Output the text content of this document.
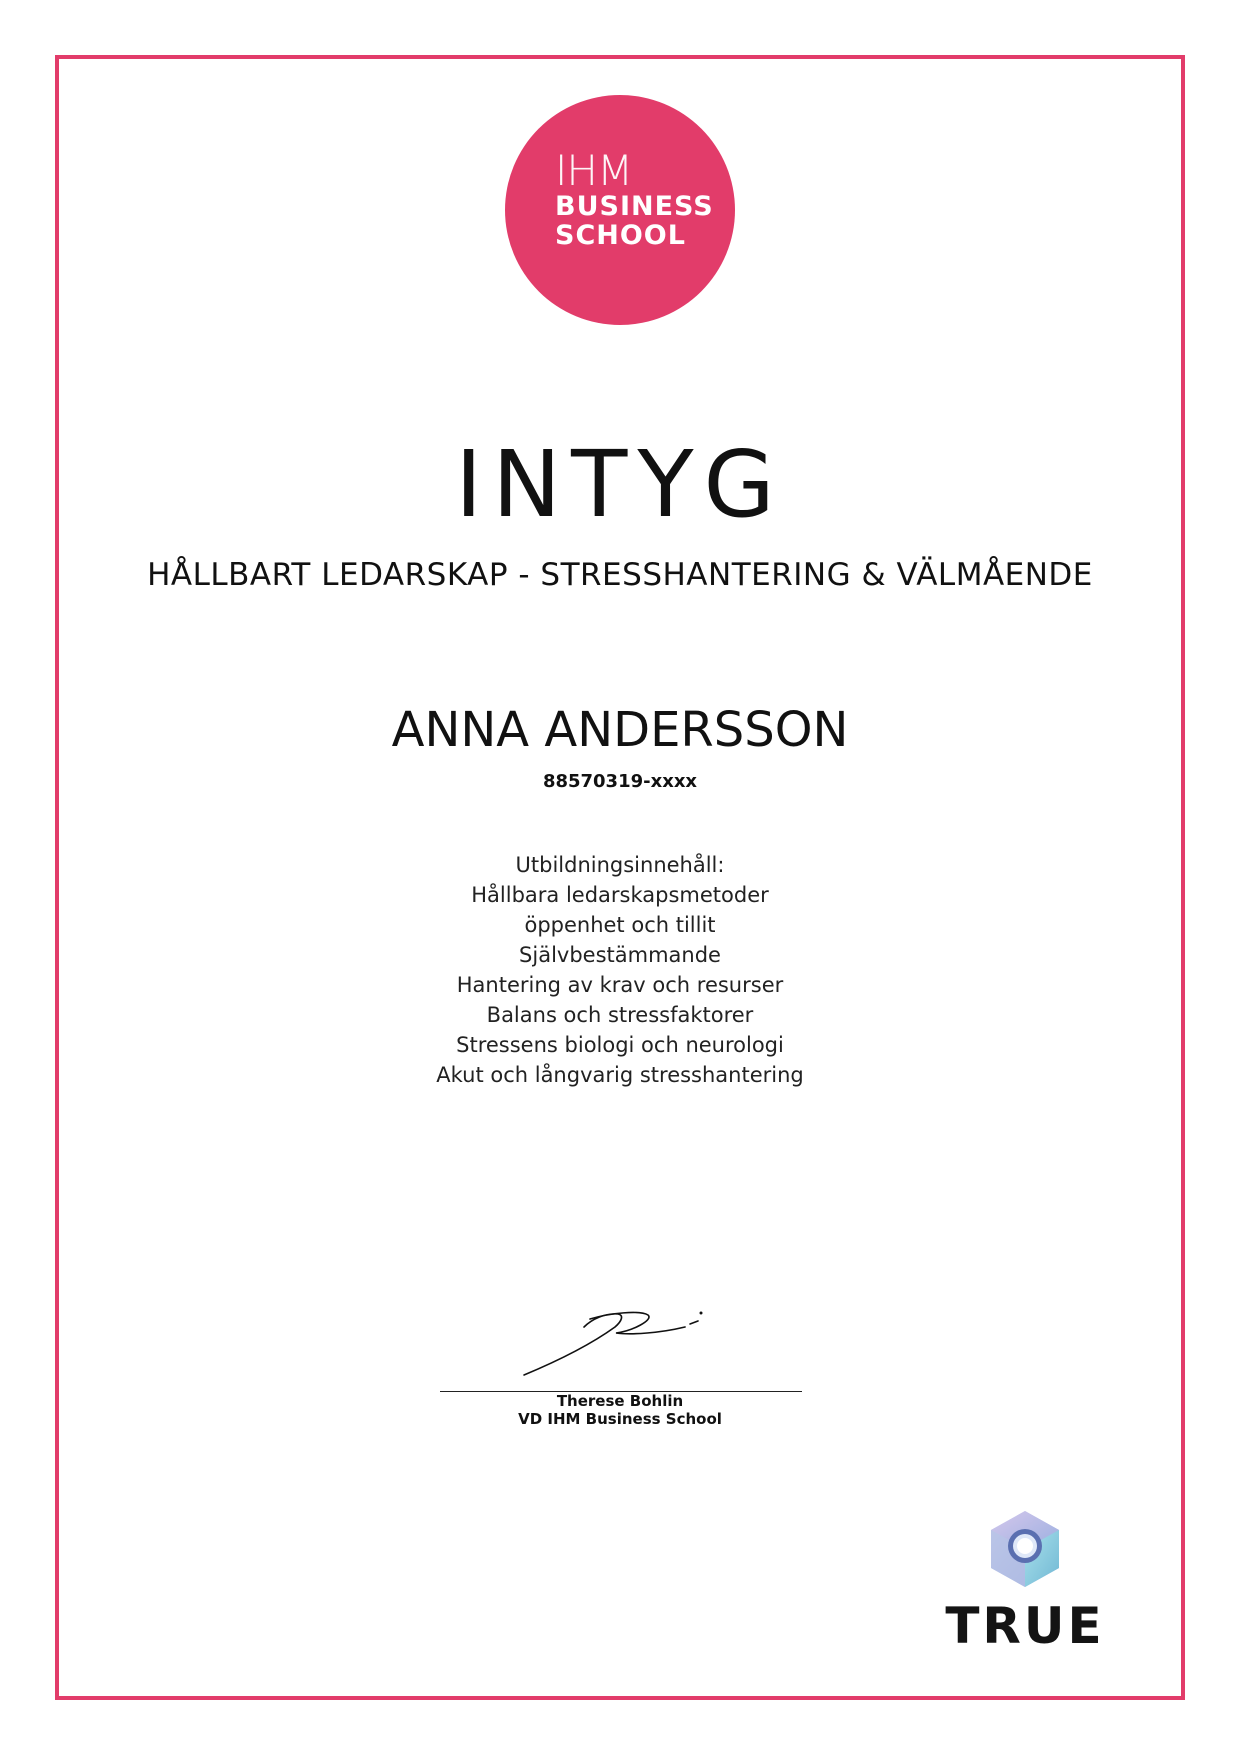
IHM
BUSINESS
SCHOOL
INTYG
HÅLLBART LEDARSKAP - STRESSHANTERING & VÄLMÅENDE
ANNA ANDERSSON
88570319-xxxx
Utbildningsinnehåll:
Hållbara ledarskapsmetoder
öppenhet och tillit
Självbestämmande
Hantering av krav och resurser
Balans och stressfaktorer
Stressens biologi och neurologi
Akut och långvarig stresshantering
Therese Bohlin
VD IHM Business School
TRUE
